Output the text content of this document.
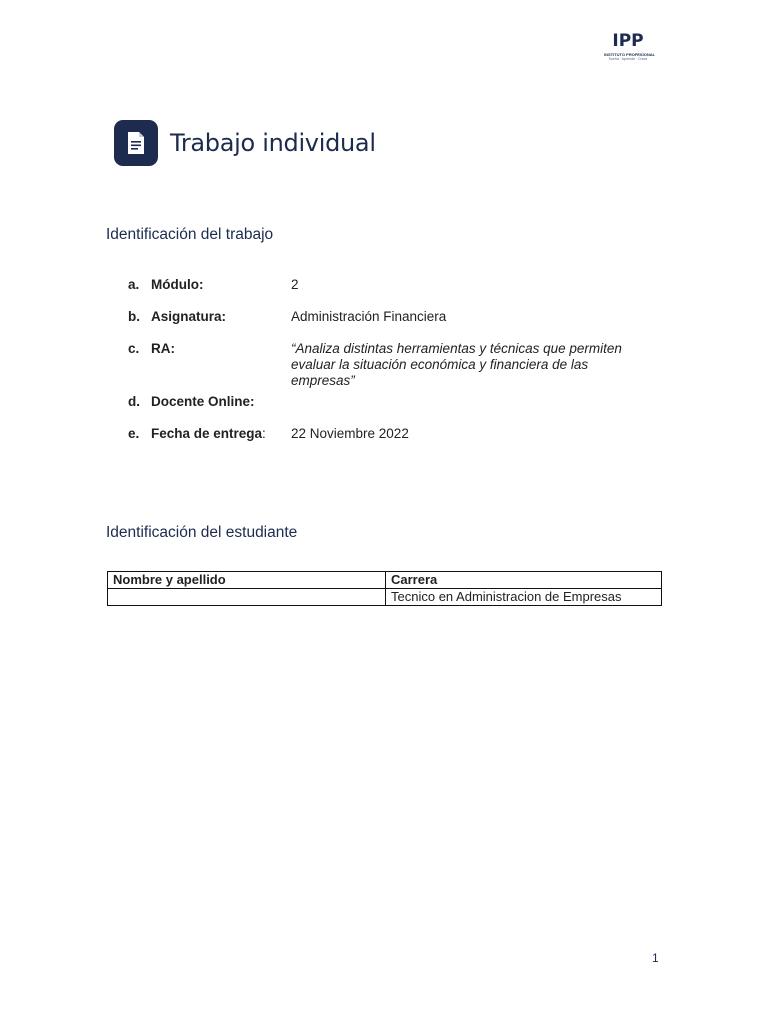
IPP
INSTITUTO PROFESIONAL
Sueña · Aprende · Crece
Trabajo individual
Identificación del trabajo
a. Módulo:	2
b. Asignatura:	Administración Financiera
c. RA:	“Analiza distintas herramientas y técnicas que permiten evaluar la situación económica y financiera de las empresas”
d. Docente Online:
e. Fecha de entrega: 22 Noviembre 2022
Identificación del estudiante
Nombre y apellido	Carrera
	Tecnico en Administracion de Empresas
1
